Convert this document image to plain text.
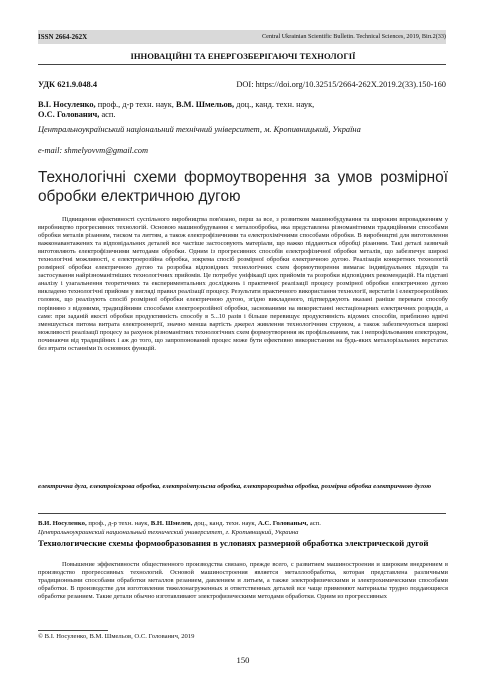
ISSN 2664-262X	Central Ukrainian Scientific Bulletin. Technical Sciences, 2019, Віп.2(33)
ІННОВАЦІЙНІ ТА ЕНЕРГОЗБЕРІГАЮЧІ ТЕХНОЛОГІЇ
УДК 621.9.048.4	DOI: https://doi.org/10.32515/2664-262X.2019.2(33).150-160
В.І. Носуленко, проф., д-р техн. наук, В.М. Шмельов, доц., канд. техн. наук,
О.С. Голованич, асп.
Центральноукраїнський національний технічний університет, м. Кропивницький, Україна
e-mail: shmelyovvm@gmail.com
Технологічні схеми формоутворення за умов розмірної обробки електричною дугою

Підвищення ефективності суспільного виробництва пов'язано, перш за все, з розвитком машинобудування та широким впровадженням у виробництво прогресивних технологій. Основою машинобудування є металообробка, яка представлена різноманітними традиційними способами обробки металів різанням, тиском та литтям, а також електрофізичними та електрохімічними способами обробки. В виробництві для виготовлення важконавантажених та відповідальних деталей все частіше застосовують матеріали, що важко піддаються обробці різанням. Такі деталі зазвичай виготовляють електрофізичними методами обробки. Одним із прогресивних способів електрофізичної обробки металів, що забезпечує широкі технологічні можливості, є електроерозійна обробка, зокрема спосіб розмірної обробки електричною дугою. Реалізація конкретних технологій розмірної обробки електричною дугою та розробка відповідних технологічних схем формоутворення вимагає індивідуальних підходів та застосування найрізноманітніших технологічних прийомів. Це потребує уніфікації цих прийомів та розробки відповідних рекомендацій. На підставі аналізу і узагальнення теоретичних та експериментальних досліджень і практичної реалізації процесу розмірної обробки електричною дугою викладено технологічні прийоми у вигляді правил реалізації процесу. Результати практичного використання технології, верстатів і електроерозійних головок, що реалізують спосіб розмірної обробки електричною дугою, згідно викладеного, підтверджують вказані раніше переваги способу порівняно з відомими, традиційними способами електроерозійної обробки, заснованими на використанні нестаціонарних електричних розрядів, а саме: при заданій якості обробки продуктивність способу в 5...10 разів і більше перевищує продуктивність відомих способів, приблизно вдвічі зменшується питома витрата електроенергії, значно менша вартість джерел живлення технологічним струмом, а також забезпечуються широкі можливості реалізації процесу за рахунок різноманітних технологічних схем формоутворення як профільованим, так і непрофільованим електродом, починаючи від традиційних і аж до того, що запропонований процес може бути ефективно використаним на будь-яких металорізальних верстатах без втрати останніми їх основних функцій.

електрична дуга, електроіскрова обробка, електроімпульсна обробка, електророзрядна обробка, розмірна обробка електричною дугою
В.И. Носуленко, проф., д-р техн. наук, В.Н. Шмелев, доц., канд. техн. наук, А.С. Голованыч, асп.
Центральноукраинский национальный технический университет, г. Кропивницкий, Украина
Технологические схемы формообразования в условиях размерной обработка электрической дугой

Повышение эффективности общественного производства связано, прежде всего, с развитием машиностроения и широким внедрением в производство прогрессивных технологий. Основой машиностроения является металлообработка, которая представлена различными традиционными способами обработки металлов резанием, давлением и литьем, а также электрофизическими и электрохимическими способами обработки. В производстве для изготовления тяжелонагруженных и ответственных деталей все чаще применяют материалы трудно поддающиеся обработке резанием. Такие детали обычно изготавливают электрофизическими методами обработки. Одним из прогрессивных

© В.І. Носуленко, В.М. Шмельов, О.С. Голованич, 2019
150
